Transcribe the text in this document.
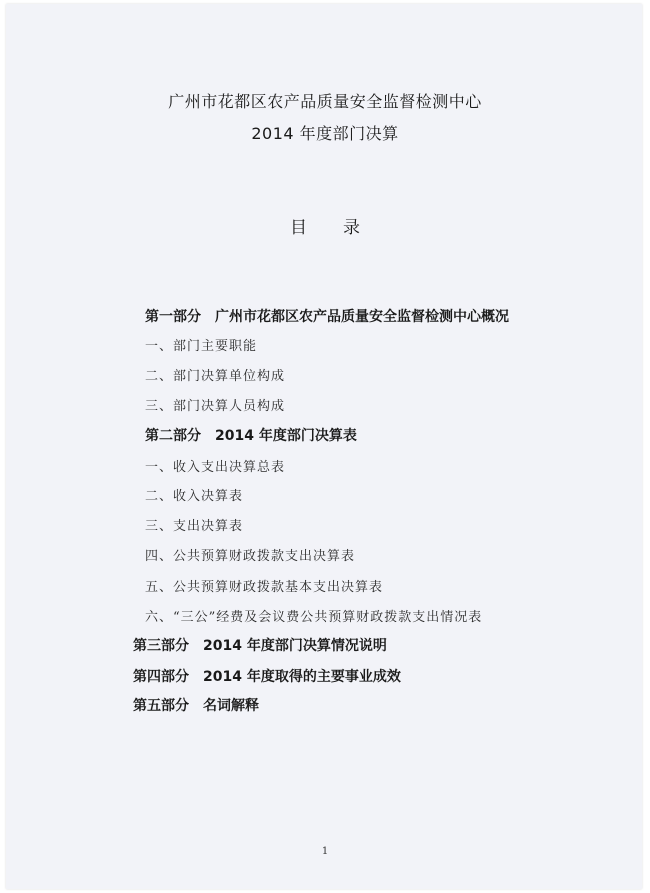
广州市花都区农产品质量安全监督检测中心
2014 年度部门决算
目 录
第一部分 广州市花都区农产品质量安全监督检测中心概况
一、部门主要职能
二、部门决算单位构成
三、部门决算人员构成
第二部分 2014 年度部门决算表
一、收入支出决算总表
二、收入决算表
三、支出决算表
四、公共预算财政拨款支出决算表
五、公共预算财政拨款基本支出决算表
六、“三公”经费及会议费公共预算财政拨款支出情况表
第三部分 2014 年度部门决算情况说明
第四部分 2014 年度取得的主要事业成效
第五部分 名词解释
1
